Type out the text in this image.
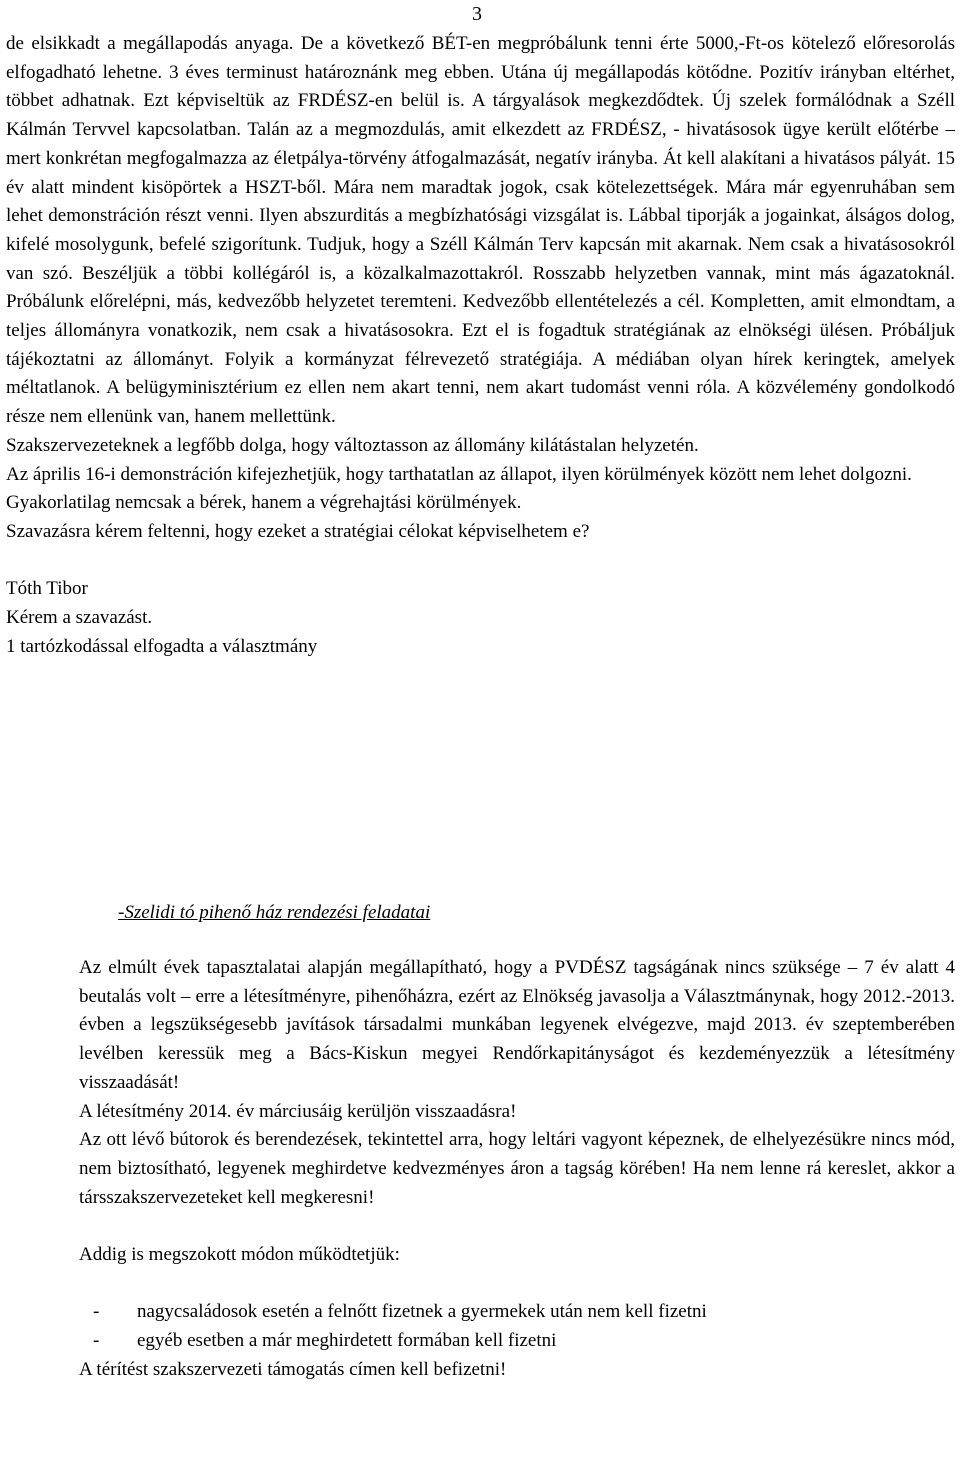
3

de elsikkadt a megállapodás anyaga. De a következő BÉT-en megpróbálunk tenni érte 5000,-Ft-os kötelező előresorolás elfogadható lehetne. 3 éves terminust határoznánk meg ebben. Utána új megállapodás kötődne. Pozitív irányban eltérhet, többet adhatnak. Ezt képviseltük az FRDÉSZ-en belül is. A tárgyalások megkezdődtek. Új szelek formálódnak a Széll Kálmán Tervvel kapcsolatban. Talán az a megmozdulás, amit elkezdett az FRDÉSZ, - hivatásosok ügye került előtérbe – mert konkrétan megfogalmazza az életpálya-törvény átfogalmazását, negatív irányba. Át kell alakítani a hivatásos pályát. 15 év alatt mindent kisöpörtek a HSZT-ből. Mára nem maradtak jogok, csak kötelezettségek. Mára már egyenruhában sem lehet demonstráción részt venni. Ilyen abszurditás a megbízhatósági vizsgálat is. Lábbal tiporják a jogainkat, álságos dolog, kifelé mosolygunk, befelé szigorítunk. Tudjuk, hogy a Széll Kálmán Terv kapcsán mit akarnak. Nem csak a hivatásosokról van szó. Beszéljük a többi kollégáról is, a közalkalmazottakról. Rosszabb helyzetben vannak, mint más ágazatoknál. Próbálunk előrelépni, más, kedvezőbb helyzetet teremteni. Kedvezőbb ellentételezés a cél. Kompletten, amit elmondtam, a teljes állományra vonatkozik, nem csak a hivatásosokra. Ezt el is fogadtuk stratégiának az elnökségi ülésen. Próbáljuk tájékoztatni az állományt. Folyik a kormányzat félrevezető stratégiája. A médiában olyan hírek keringtek, amelyek méltatlanok. A belügyminisztérium ez ellen nem akart tenni, nem akart tudomást venni róla. A közvélemény gondolkodó része nem ellenünk van, hanem mellettünk.

Szakszervezeteknek a legfőbb dolga, hogy változtasson az állomány kilátástalan helyzetén.

Az április 16-i demonstráción kifejezhetjük, hogy tarthatatlan az állapot, ilyen körülmények között nem lehet dolgozni.

Gyakorlatilag nemcsak a bérek, hanem a végrehajtási körülmények.

Szavazásra kérem feltenni, hogy ezeket a stratégiai célokat képviselhetem e?

Tóth Tibor

Kérem a szavazást.

1 tartózkodással elfogadta a választmány

-Szelidi tó pihenő ház rendezési feladatai

Az elmúlt évek tapasztalatai alapján megállapítható, hogy a PVDÉSZ tagságának nincs szüksége – 7 év alatt 4 beutalás volt – erre a létesítményre, pihenőházra, ezért az Elnökség javasolja a Választmánynak, hogy 2012.-2013. évben a legszükségesebb javítások társadalmi munkában legyenek elvégezve, majd 2013. év szeptemberében levélben keressük meg a Bács-Kiskun megyei Rendőrkapitányságot és kezdeményezzük a létesítmény visszaadását!

A létesítmény 2014. év márciusáig kerüljön visszaadásra!

Az ott lévő bútorok és berendezések, tekintettel arra, hogy leltári vagyont képeznek, de elhelyezésükre nincs mód, nem biztosítható, legyenek meghirdetve kedvezményes áron a tagság körében! Ha nem lenne rá kereslet, akkor a társszakszervezeteket kell megkeresni!

Addig is megszokott módon működtetjük:

- nagycsaládosok esetén a felnőtt fizetnek a gyermekek után nem kell fizetni
- egyéb esetben a már meghirdetett formában kell fizetni

A térítést szakszervezeti támogatás címen kell befizetni!
